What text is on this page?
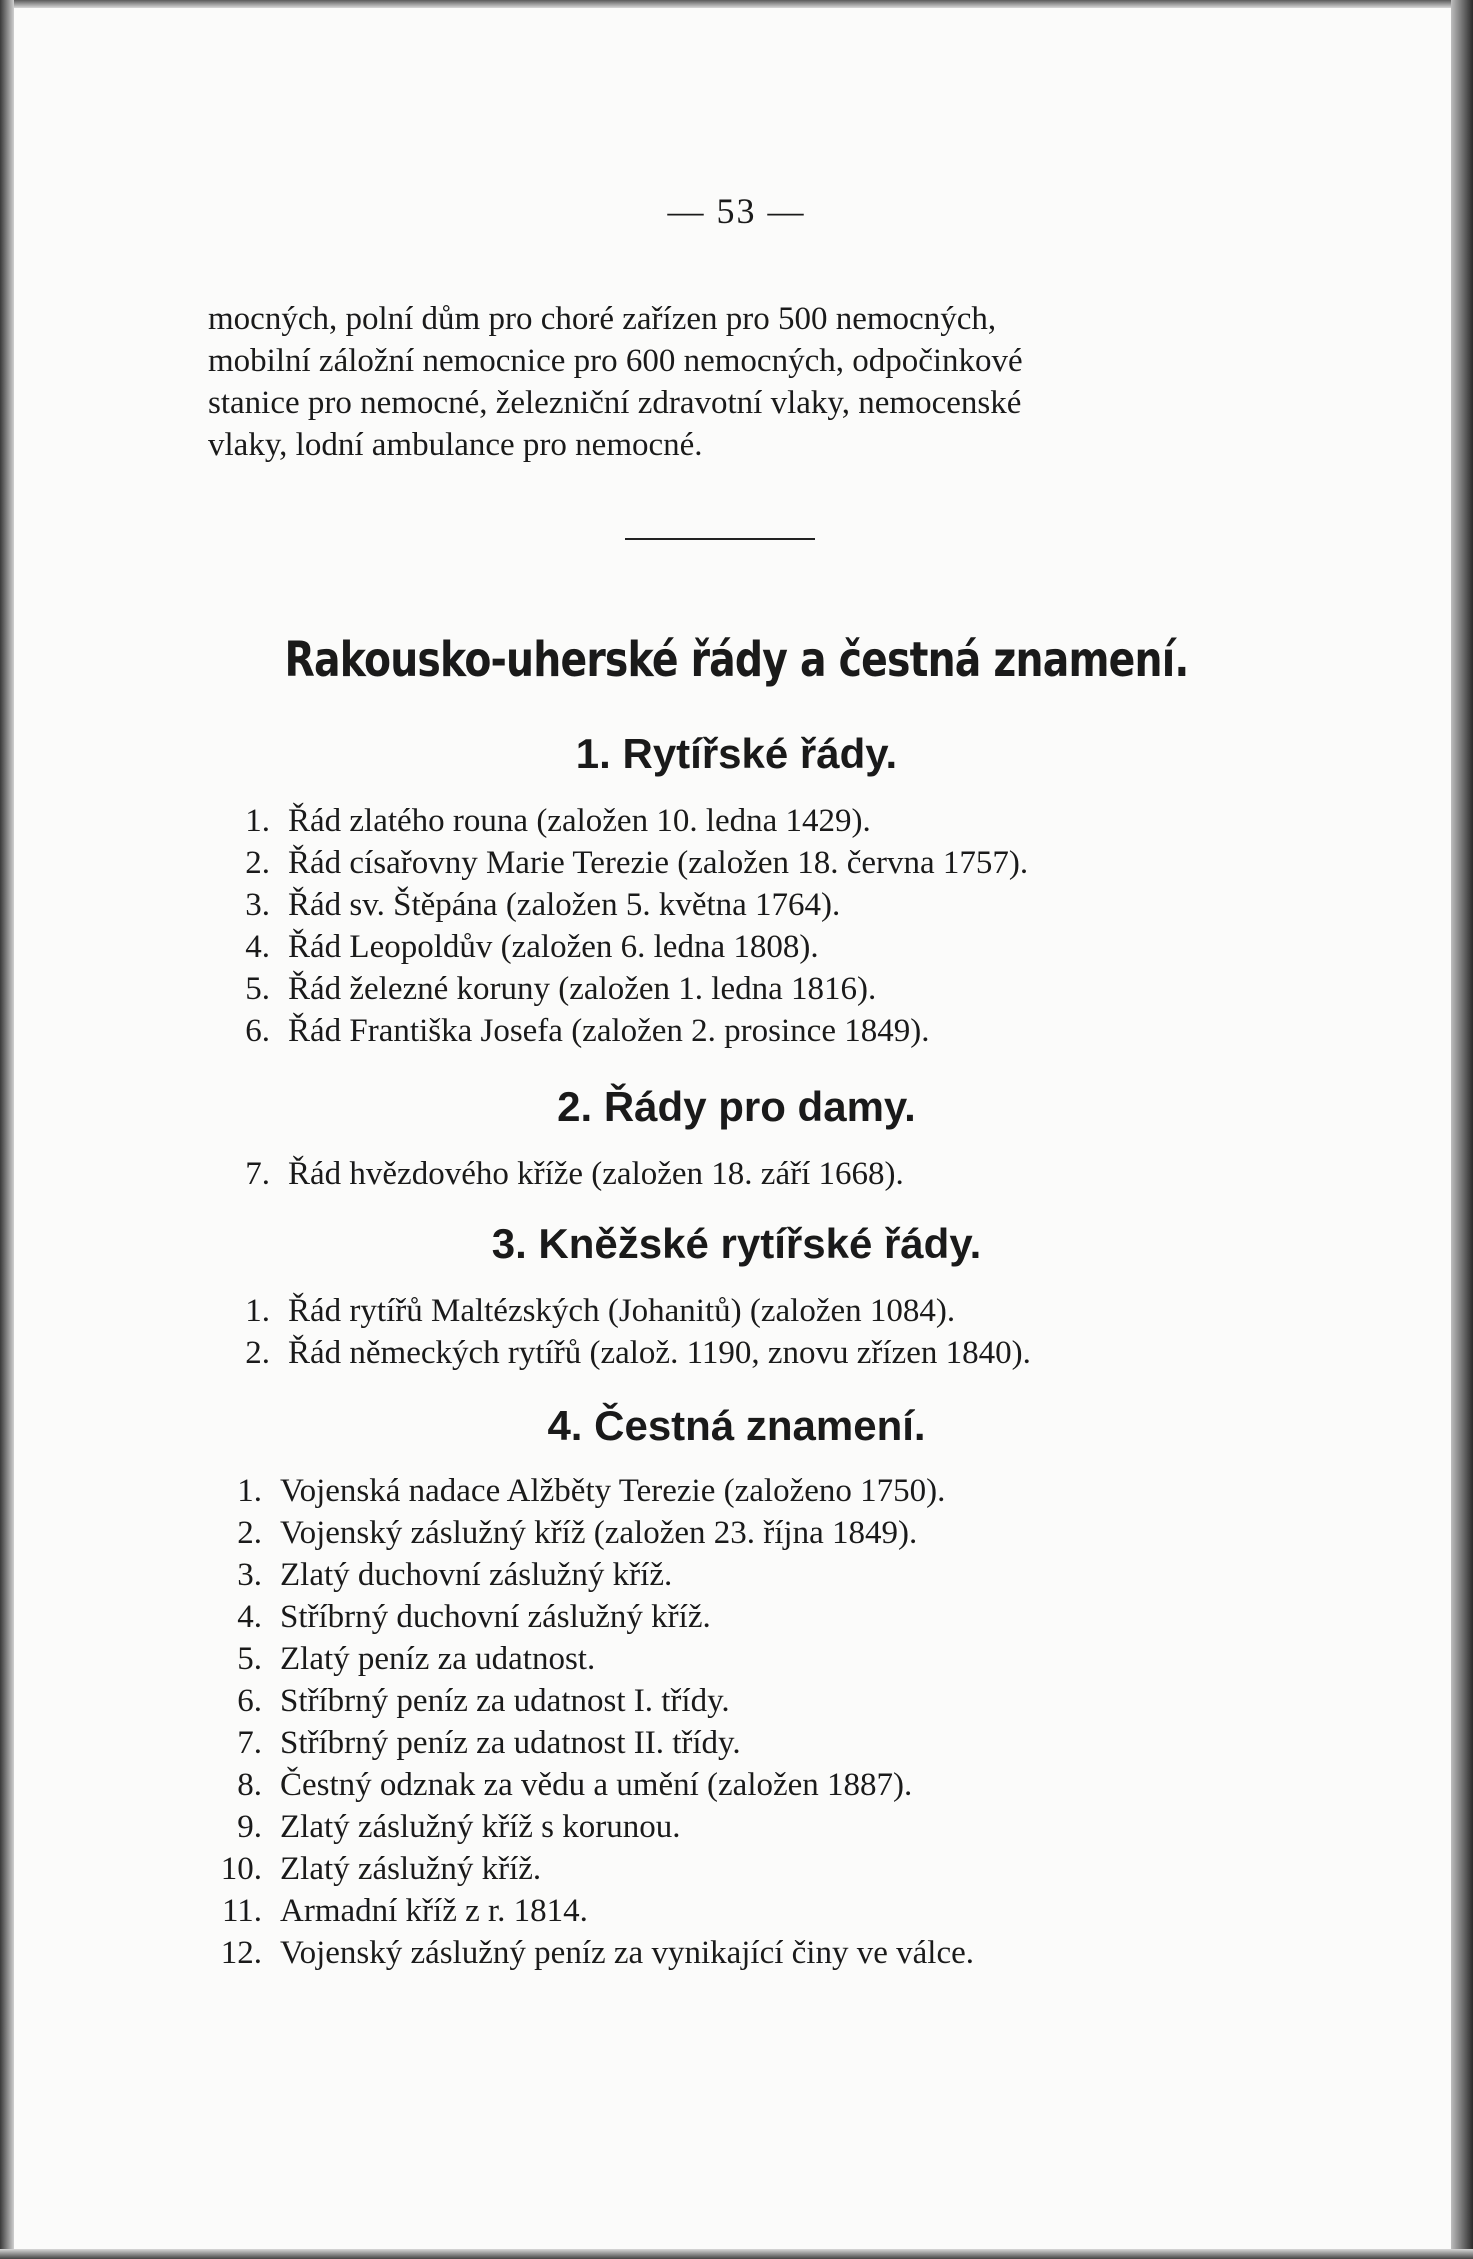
— 53 —

mocných, polní dům pro choré zařízen pro 500 nemocných,
mobilní záložní nemocnice pro 600 nemocných, odpočinkové
stanice pro nemocné, železniční zdravotní vlaky, nemocenské
vlaky, lodní ambulance pro nemocné.

Rakousko-uherské řády a čestná znamení.
1. Rytířské řády.
1. Řád zlatého rouna (založen 10. ledna 1429).
2. Řád císařovny Marie Terezie (založen 18. června 1757).
3. Řád sv. Štěpána (založen 5. května 1764).
4. Řád Leopoldův (založen 6. ledna 1808).
5. Řád železné koruny (založen 1. ledna 1816).
6. Řád Františka Josefa (založen 2. prosince 1849).
2. Řády pro damy.
7. Řád hvězdového kříže (založen 18. září 1668).
3. Kněžské rytířské řády.
1. Řád rytířů Maltézských (Johanitů) (založen 1084).
2. Řád německých rytířů (založ. 1190, znovu zřízen 1840).
4. Čestná znamení.
1. Vojenská nadace Alžběty Terezie (založeno 1750).
2. Vojenský záslužný kříž (založen 23. října 1849).
3. Zlatý duchovní záslužný kříž.
4. Stříbrný duchovní záslužný kříž.
5. Zlatý peníz za udatnost.
6. Stříbrný peníz za udatnost I. třídy.
7. Stříbrný peníz za udatnost II. třídy.
8. Čestný odznak za vědu a umění (založen 1887).
9. Zlatý záslužný kříž s korunou.
10. Zlatý záslužný kříž.
11. Armadní kříž z r. 1814.
12. Vojenský záslužný peníz za vynikající činy ve válce.
